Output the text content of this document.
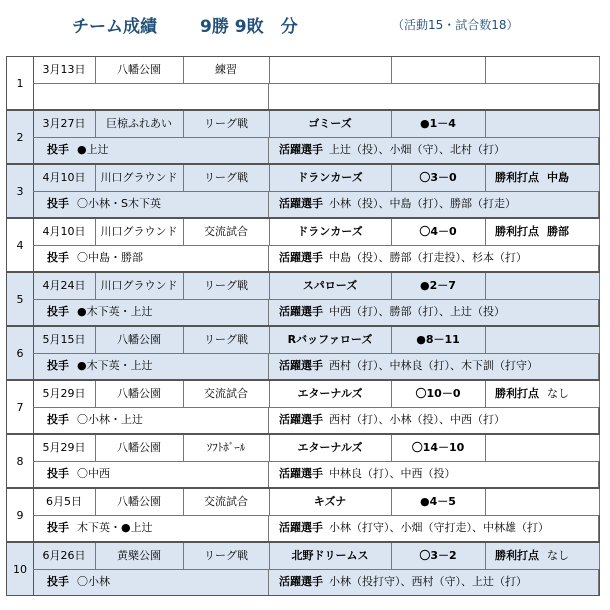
チーム成績	9勝 9敗　分	（活動15・試合数18）
1
3月13日	八幡公園	練習
2
3月27日	巨椋ふれあい	リーグ戦	ゴミーズ	●1－4
投手 ●上辻	活躍選手 上辻（投）、小畑（守）、北村（打）
3
4月10日	川口グラウンド	リーグ戦	ドランカーズ	〇3－0	勝利打点 中島
投手 〇小林・S木下英	活躍選手 小林（投）、中島（打）、勝部（打走）
4
4月10日	川口グラウンド	交流試合	ドランカーズ	〇4－0	勝利打点 勝部
投手 〇中島・勝部	活躍選手 中島（投）、勝部（打走投）、杉本（打）
5
4月24日	川口グラウンド	リーグ戦	スパローズ	●2－7
投手 ●木下英・上辻	活躍選手 中西（打）、勝部（打）、上辻（投）
6
5月15日	八幡公園	リーグ戦	Rバッファローズ	●8－11
投手 ●木下英・上辻	活躍選手 西村（打）、中林良（打）、木下訓（打守）
7
5月29日	八幡公園	交流試合	エターナルズ	〇10－0	勝利打点 なし
投手 〇小林・上辻	活躍選手 西村（打）、小林（投）、中西（打）
8
5月29日	八幡公園	ｿﾌﾄﾎﾞｰﾙ	エターナルズ	〇14－10
投手 〇中西	活躍選手 中林良（打）、中西（投）
9
6月5日	八幡公園	交流試合	キズナ	●4－5
投手 木下英・●上辻	活躍選手 小林（打守）、小畑（守打走）、中林雄（打）
10
6月26日	黄檗公園	リーグ戦	北野ドリームス	〇3－2	勝利打点 なし
投手 〇小林	活躍選手 小林（投打守）、西村（守）、上辻（打）
